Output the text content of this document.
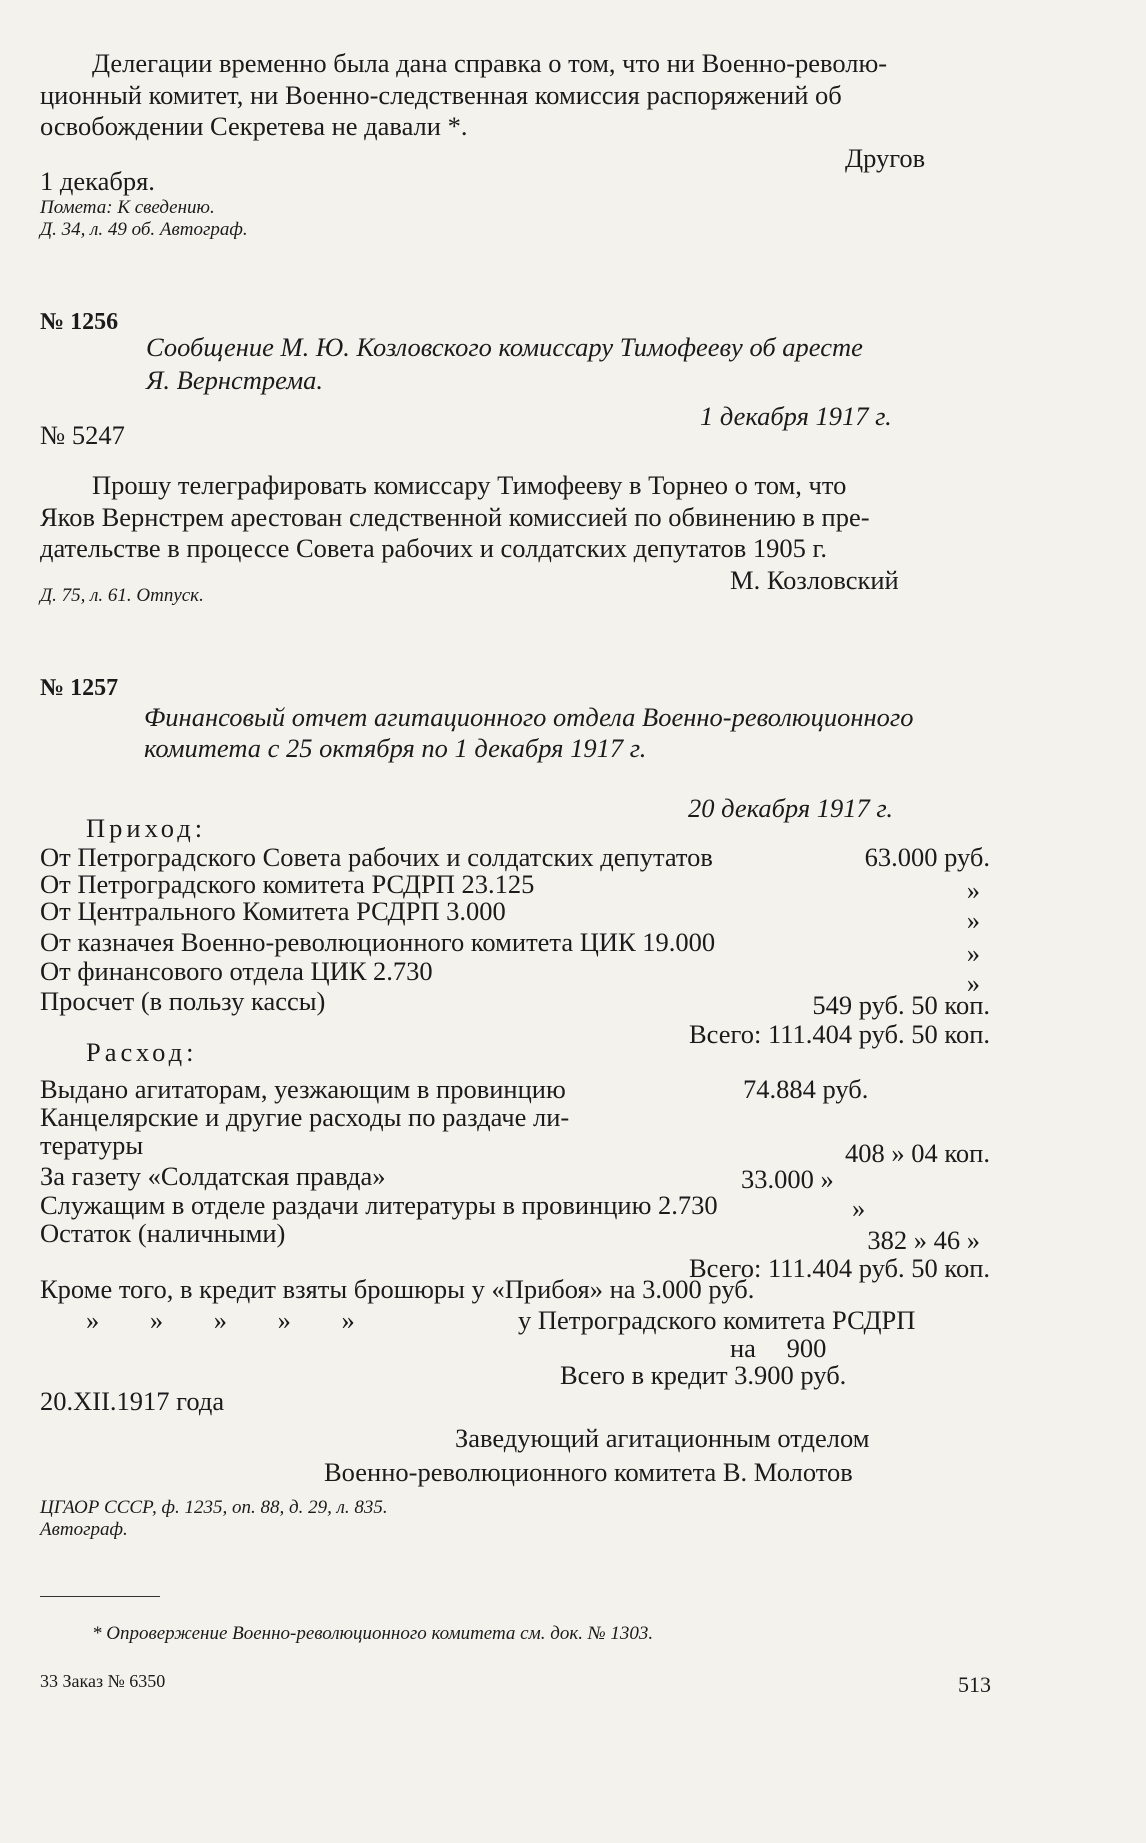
Делегации временно была дана справка о том, что ни Военно-револю-
ционный комитет, ни Военно-следственная комиссия распоряжений об
освобождении Секретева не давали *.
Другов
1 декабря.
Помета: К сведению.
Д. 34, л. 49 об. Автограф.
№ 1256
Сообщение М. Ю. Козловского комиссару Тимофееву об аресте
Я. Вернстрема.
1 декабря 1917 г.
№ 5247
Прошу телеграфировать комиссару Тимофееву в Торнео о том, что
Яков Вернстрем арестован следственной комиссией по обвинению в пре-
дательстве в процессе Совета рабочих и солдатских депутатов 1905 г.
М. Козловский
Д. 75, л. 61. Отпуск.
№ 1257
Финансовый отчет агитационного отдела Военно-революционного
комитета с 25 октября по 1 декабря 1917 г.
20 декабря 1917 г.
Приход:
От Петроградского Совета рабочих и солдатских депутатов	63.000 руб.
От Петроградского комитета РСДРП 23.125	»
От Центрального Комитета РСДРП 3.000	»
От казначея Военно-революционного комитета ЦИК 19.000	»
От финансового отдела ЦИК 2.730	»
Просчет (в пользу кассы)	549 руб. 50 коп.
Всего: 111.404 руб. 50 коп.
Расход:
Выдано агитаторам, уезжающим в провинцию	74.884 руб.
Канцелярские и другие расходы по раздаче ли-
тературы	408 » 04 коп.
За газету «Солдатская правда»	33.000 »
Служащим в отделе раздачи литературы в провинцию 2.730	»
Остаток (наличными)	382 » 46 »
Всего: 111.404 руб. 50 коп.
Кроме того, в кредит взяты брошюры у «Прибоя» на 3.000 руб.
» » » » »	у Петроградского комитета РСДРП
на 900
Всего в кредит 3.900 руб.
20.XII.1917 года
Заведующий агитационным отделом
Военно-революционного комитета В. Молотов
ЦГАОР СССР, ф. 1235, оп. 88, д. 29, л. 835.
Автограф.
* Опровержение Военно-революционного комитета см. док. № 1303.
33 Заказ № 6350	513
